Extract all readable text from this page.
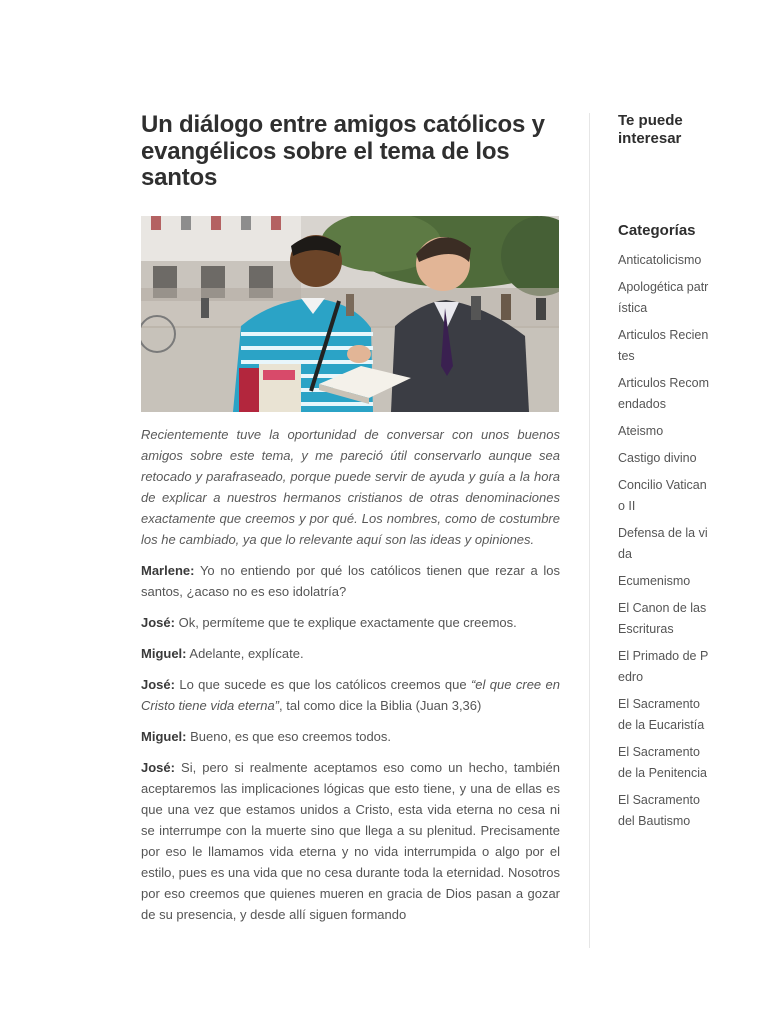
Un diálogo entre amigos católicos y evangélicos sobre el tema de los santos

Recientemente tuve la oportunidad de conversar con unos buenos amigos sobre este tema, y me pareció útil conservarlo aunque sea retocado y parafraseado, porque puede servir de ayuda y guía a la hora de explicar a nuestros hermanos cristianos de otras denominaciones exactamente que creemos y por qué. Los nombres, como de costumbre los he cambiado, ya que lo relevante aquí son las ideas y opiniones.

Marlene: Yo no entiendo por qué los católicos tienen que rezar a los santos, ¿acaso no es eso idolatría?

José: Ok, permíteme que te explique exactamente que creemos.

Miguel: Adelante, explícate.

José: Lo que sucede es que los católicos creemos que “el que cree en Cristo tiene vida eterna”, tal como dice la Biblia (Juan 3,36)

Miguel: Bueno, es que eso creemos todos.

José: Si, pero si realmente aceptamos eso como un hecho, también aceptaremos las implicaciones lógicas que esto tiene, y una de ellas es que una vez que estamos unidos a Cristo, esta vida eterna no cesa ni se interrumpe con la muerte sino que llega a su plenitud. Precisamente por eso le llamamos vida eterna y no vida interrumpida o algo por el estilo, pues es una vida que no cesa durante toda la eternidad. Nosotros por eso creemos que quienes mueren en gracia de Dios pasan a gozar de su presencia, y desde allí siguen formando

Te puede interesar
Categorías
Anticatolicismo
Apologética patrística
Articulos Recientes
Articulos Recomendados
Ateismo
Castigo divino
Concilio Vaticano II
Defensa de la vida
Ecumenismo
El Canon de las Escrituras
El Primado de Pedro
El Sacramento de la Eucaristía
El Sacramento de la Penitencia
El Sacramento del Bautismo
